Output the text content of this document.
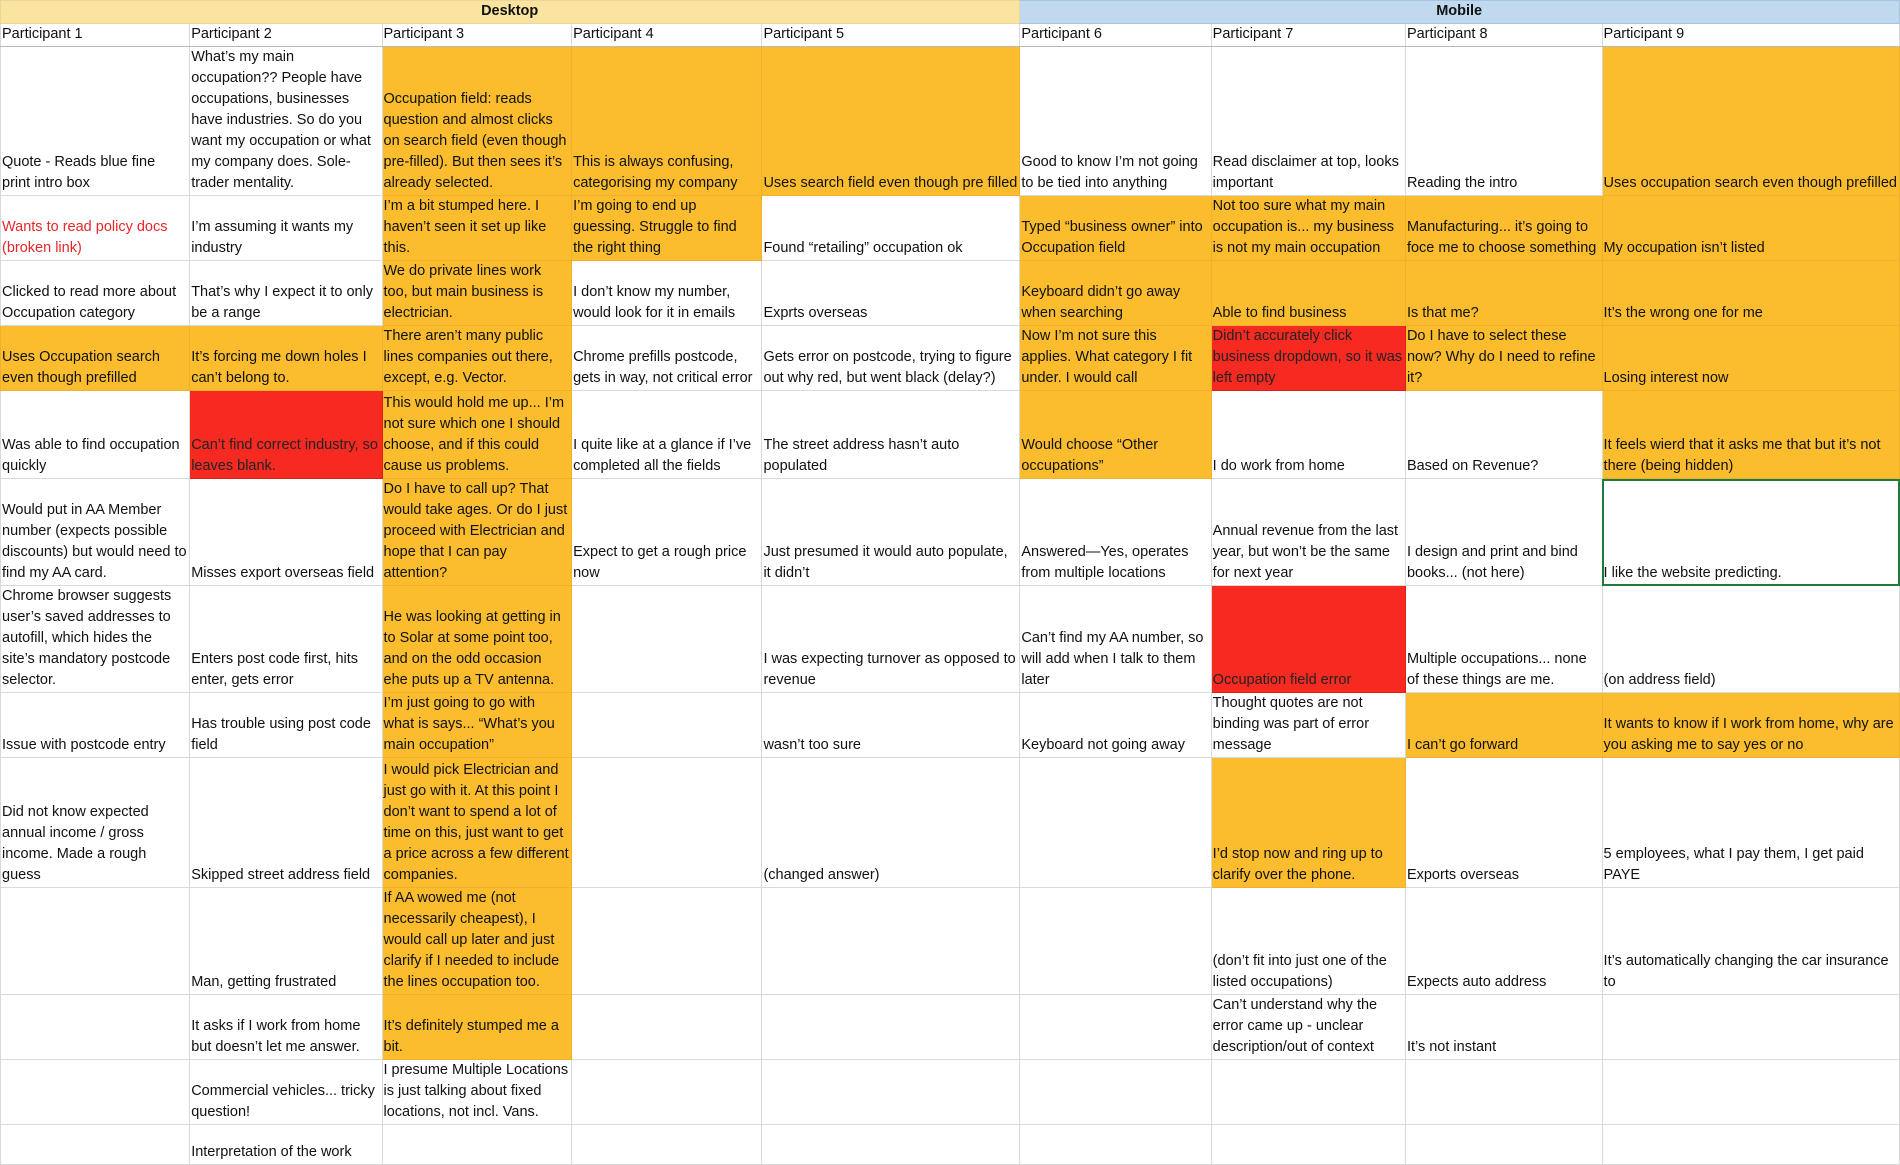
Desktop					Mobile			
Participant 1	Participant 2	Participant 3	Participant 4	Participant 5	Participant 6	Participant 7	Participant 8	Participant 9
Quote - Reads blue fine print intro box	What’s my main occupation?? People have occupations, businesses have industries. So do you want my occupation or what my company does. Sole-trader mentality.	Occupation field: reads question and almost clicks on search field (even though pre-filled). But then sees it’s already selected.	This is always confusing, categorising my company	Uses search field even though pre filled	Good to know I’m not going to be tied into anything	Read disclaimer at top, looks important	Reading the intro	Uses occupation search even though prefilled
Wants to read policy docs (broken link)	I’m assuming it wants my industry	I’m a bit stumped here. I haven’t seen it set up like this.	I’m going to end up guessing. Struggle to find the right thing	Found “retailing” occupation ok	Typed “business owner” into Occupation field	Not too sure what my main occupation is... my business is not my main occupation	Manufacturing... it’s going to foce me to choose something	My occupation isn’t listed
Clicked to read more about Occupation category	That’s why I expect it to only be a range	We do private lines work too, but main business is electrician.	I don’t know my number, would look for it in emails	Exprts overseas	Keyboard didn’t go away when searching	Able to find business	Is that me?	It’s the wrong one for me
Uses Occupation search even though prefilled	It’s forcing me down holes I can’t belong to.	There aren’t many public lines companies out there, except, e.g. Vector.	Chrome prefills postcode, gets in way, not critical error	Gets error on postcode, trying to figure out why red, but went black (delay?)	Now I’m not sure this applies. What category I fit under. I would call	Didn’t accurately click business dropdown, so it was left empty	Do I have to select these now? Why do I need to refine it?	Losing interest now
Was able to find occupation quickly	Can’t find correct industry, so leaves blank.	This would hold me up... I’m not sure which one I should choose, and if this could cause us problems.	I quite like at a glance if I’ve completed all the fields	The street address hasn’t auto populated	Would choose “Other occupations”	I do work from home	Based on Revenue?	It feels wierd that it asks me that but it’s not there (being hidden)
Would put in AA Member number (expects possible discounts) but would need to find my AA card.	Misses export overseas field	Do I have to call up? That would take ages. Or do I just proceed with Electrician and hope that I can pay attention?	Expect to get a rough price now	Just presumed it would auto populate, it didn’t	Answered—Yes, operates from multiple locations	Annual revenue from the last year, but won’t be the same for next year	I design and print and bind books... (not here)	I like the website predicting.
Chrome browser suggests user’s saved addresses to autofill, which hides the site’s mandatory postcode selector.	Enters post code first, hits enter, gets error	He was looking at getting in to Solar at some point too, and on the odd occasion ehe puts up a TV antenna.		I was expecting turnover as opposed to revenue	Can’t find my AA number, so will add when I talk to them later	Occupation field error	Multiple occupations... none of these things are me.	(on address field)
Issue with postcode entry	Has trouble using post code field	I’m just going to go with what is says... “What’s you main occupation”		wasn’t too sure	Keyboard not going away	Thought quotes are not binding was part of error message	I can’t go forward	It wants to know if I work from home, why are you asking me to say yes or no
Did not know expected annual income / gross income. Made a rough guess	Skipped street address field	I would pick Electrician and just go with it. At this point I don’t want to spend a lot of time on this, just want to get a price across a few different companies.		(changed answer)		I’d stop now and ring up to clarify over the phone.	Exports overseas	5 employees, what I pay them, I get paid PAYE
	Man, getting frustrated	If AA wowed me (not necessarily cheapest), I would call up later and just clarify if I needed to include the lines occupation too.				(don’t fit into just one of the listed occupations)	Expects auto address	It’s automatically changing the car insurance to
	It asks if I work from home but doesn’t let me answer.	It’s definitely stumped me a bit.				Can’t understand why the error came up - unclear description/out of context	It’s not instant	
	Commercial vehicles... tricky question!	I presume Multiple Locations is just talking about fixed locations, not incl. Vans.						
	Interpretation of the work							
